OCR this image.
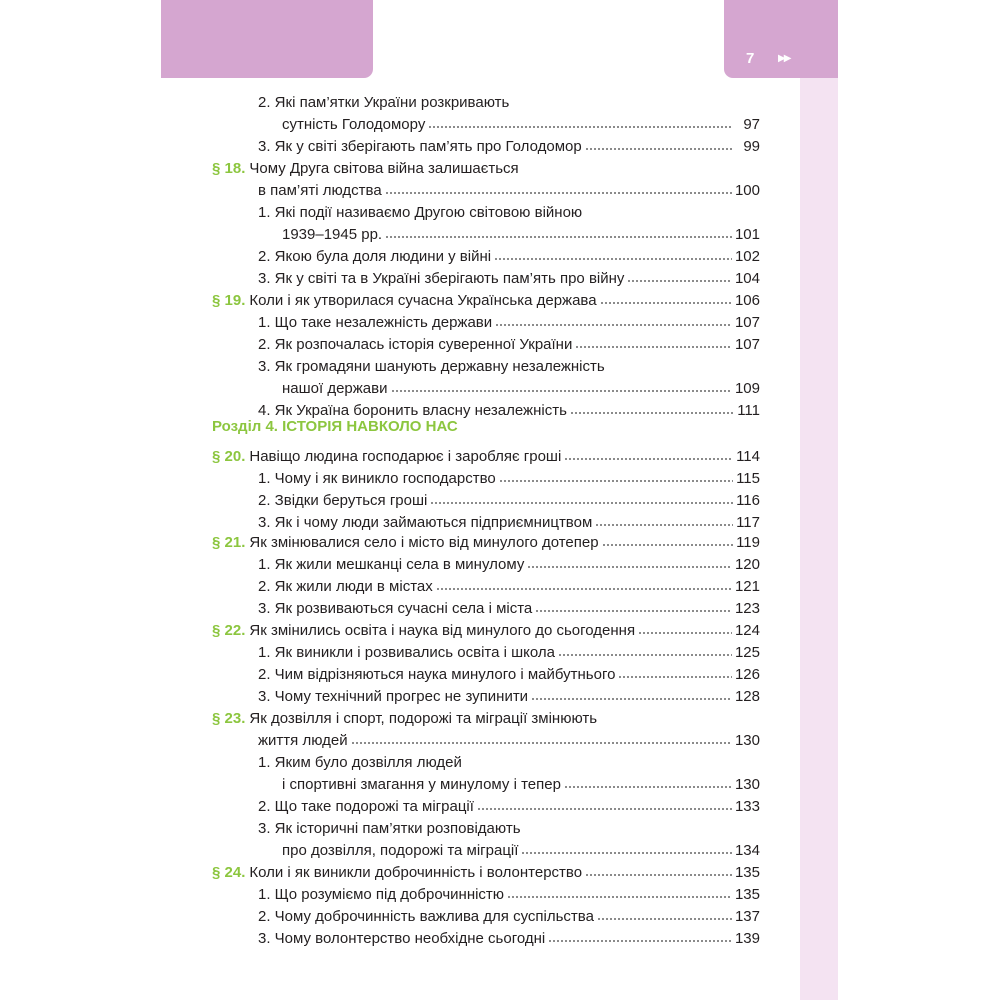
7 ▶▶
2. Які пам’ятки України розкривають
сутність Голодомору	97
3. Як у світі зберігають пам’ять про Голодомор	99
§ 18. Чому Друга світова війна залишається
в пам’яті людства	100
1. Які події називаємо Другою світовою війною
1939–1945 рр.	101
2. Якою була доля людини у війні	102
3. Як у світі та в Україні зберігають пам’ять про війну	104
§ 19. Коли і як утворилася сучасна Українська держава	106
1. Що таке незалежність держави	107
2. Як розпочалась історія суверенної України	107
3. Як громадяни шанують державну незалежність
нашої держави	109
4. Як Україна боронить власну незалежність	111
Розділ 4. ІСТОРІЯ НАВКОЛО НАС
§ 20. Навіщо людина господарює і заробляє гроші	114
1. Чому і як виникло господарство	115
2. Звідки беруться гроші	116
3. Як і чому люди займаються підприємництвом	117
§ 21. Як змінювалися село і місто від минулого дотепер	119
1. Як жили мешканці села в минулому	120
2. Як жили люди в містах	121
3. Як розвиваються сучасні села і міста	123
§ 22. Як змінились освіта і наука від минулого до сьогодення	124
1. Як виникли і розвивались освіта і школа	125
2. Чим відрізняються наука минулого і майбутнього	126
3. Чому технічний прогрес не зупинити	128
§ 23. Як дозвілля і спорт, подорожі та міграції змінюють
життя людей	130
1. Яким було дозвілля людей
і спортивні змагання у минулому і тепер	130
2. Що таке подорожі та міграції	133
3. Як історичні пам’ятки розповідають
про дозвілля, подорожі та міграції	134
§ 24. Коли і як виникли доброчинність і волонтерство	135
1. Що розуміємо під доброчинністю	135
2. Чому доброчинність важлива для суспільства	137
3. Чому волонтерство необхідне сьогодні	139
